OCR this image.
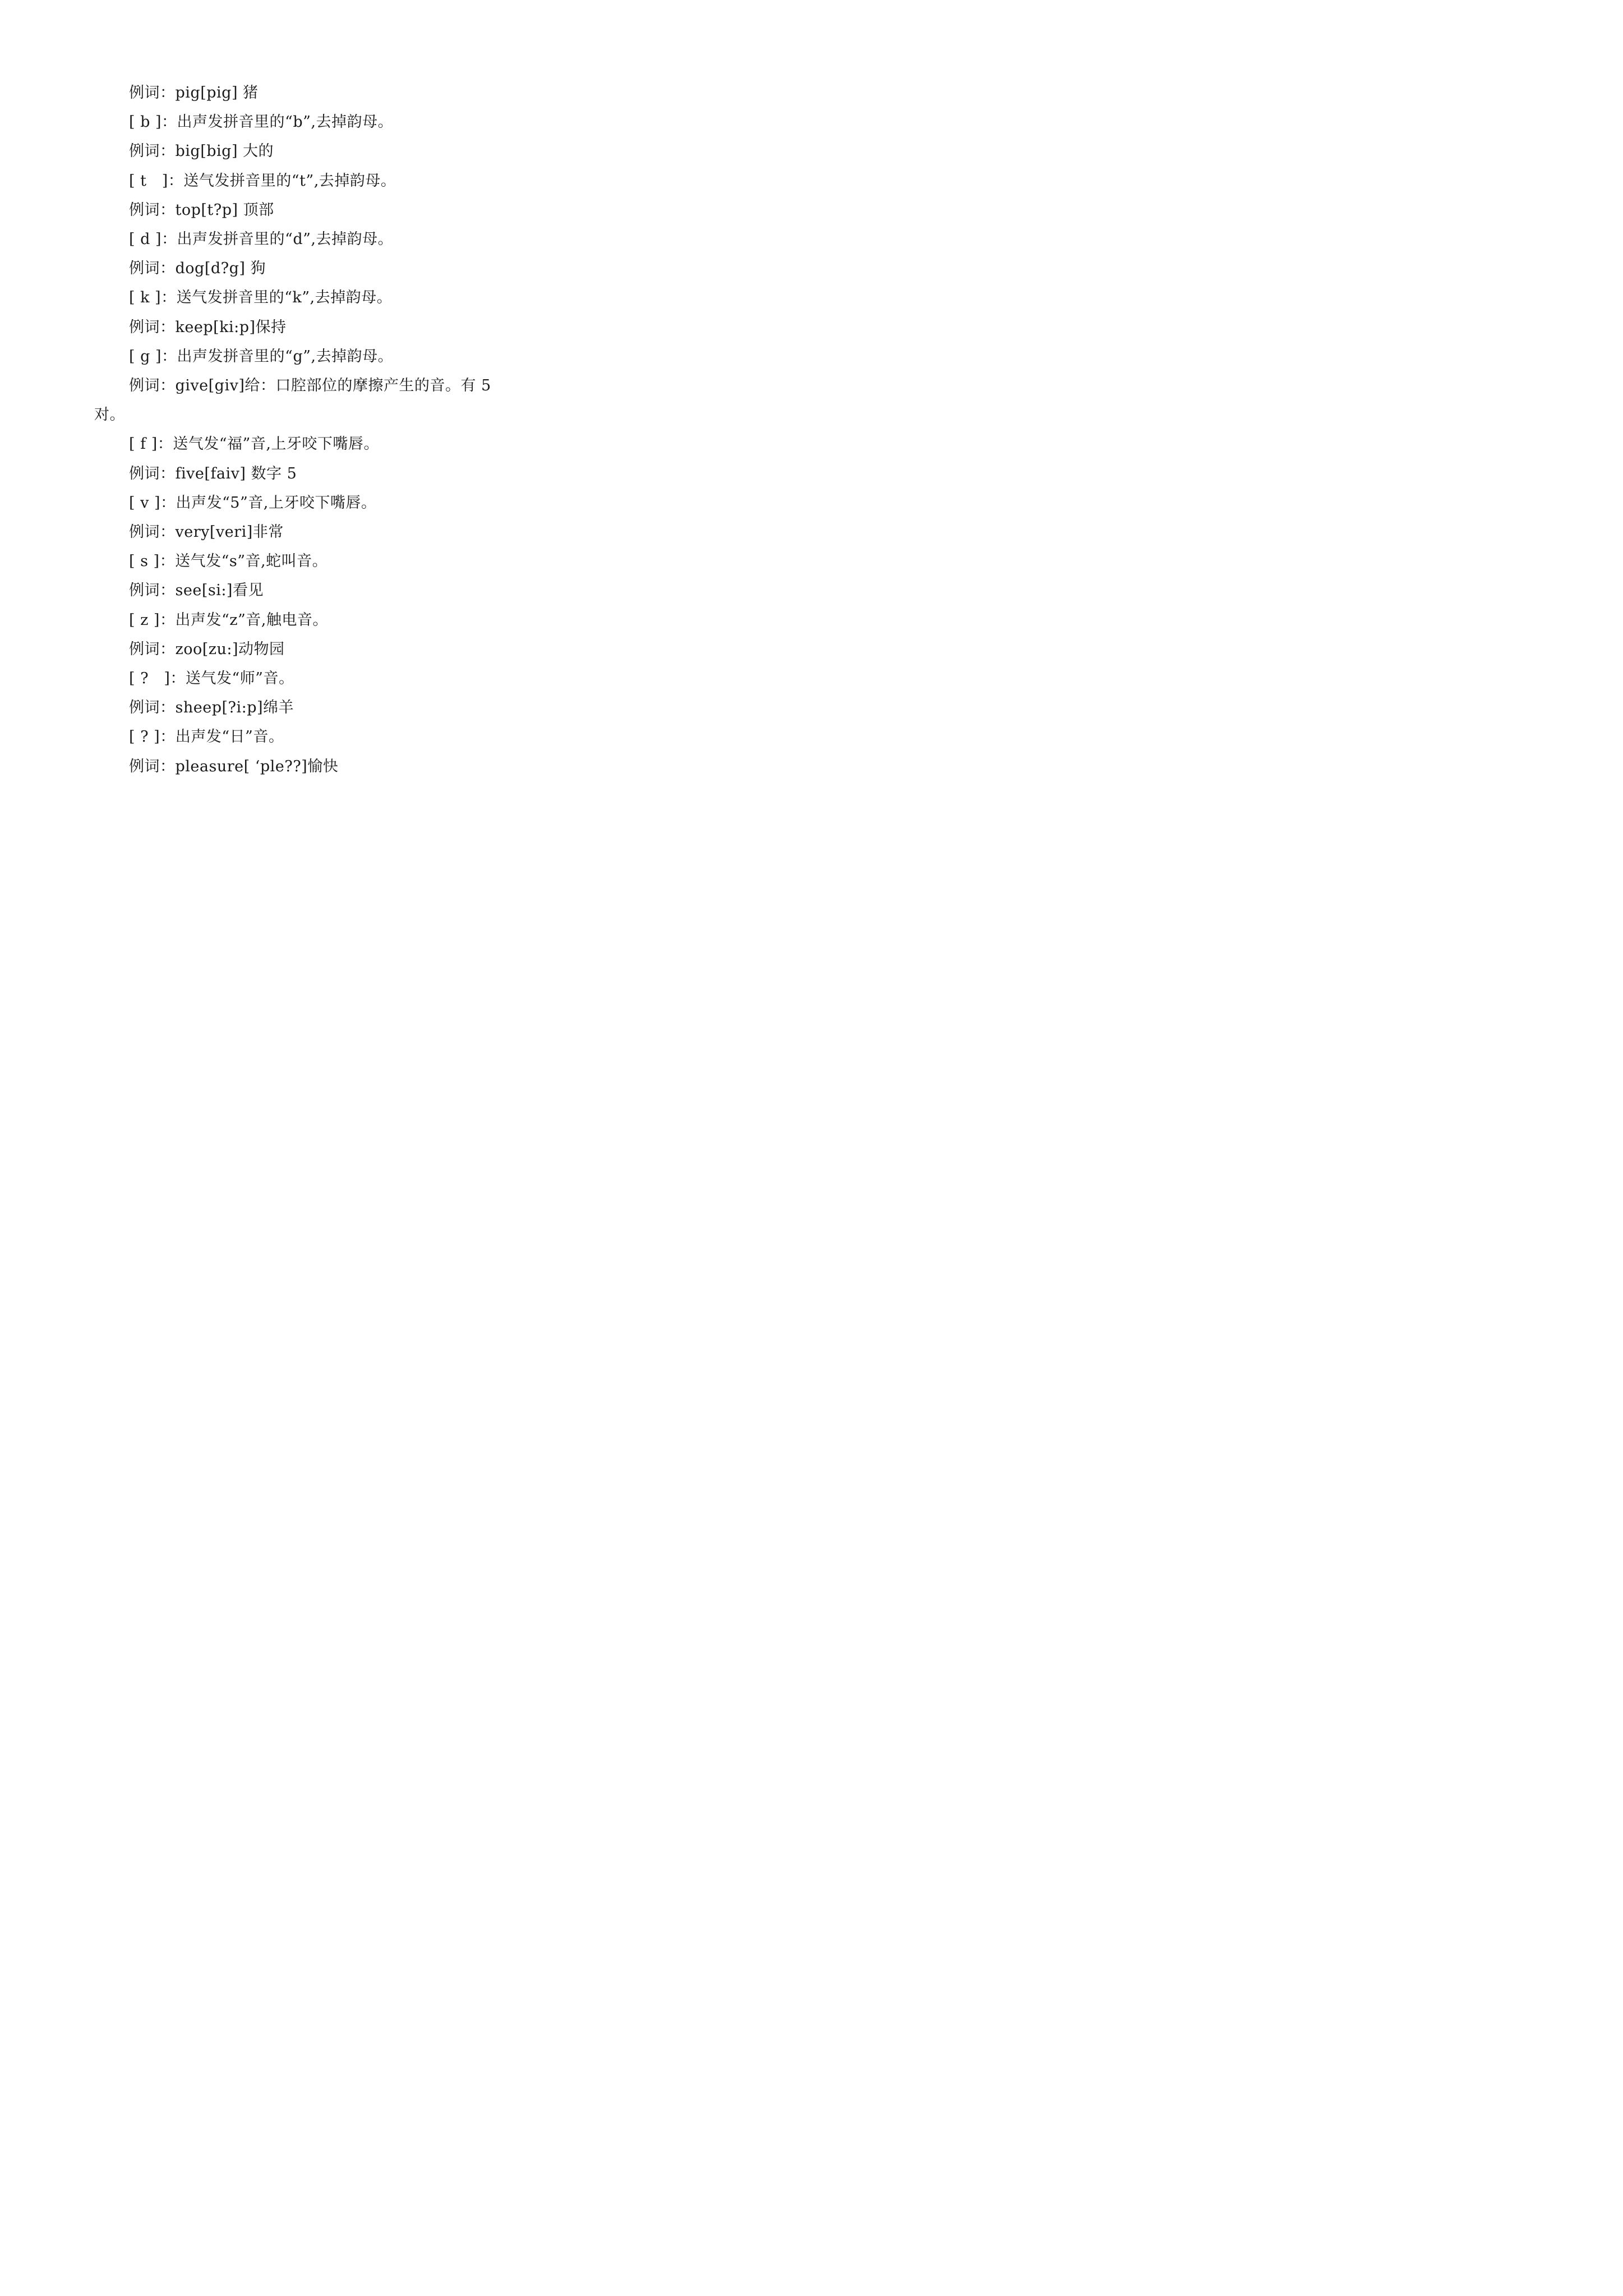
例词：pig[pig] 猪
[ b ]：出声发拼音里的“b”,去掉韵母。
例词：big[big] 大的
[ t   ]：送气发拼音里的“t”,去掉韵母。
例词：top[t?p] 顶部
[ d ]：出声发拼音里的“d”,去掉韵母。
例词：dog[d?g] 狗
[ k ]：送气发拼音里的“k”,去掉韵母。
例词：keep[ki:p]保持
[ g ]：出声发拼音里的“g”,去掉韵母。
例词：give[giv]给：口腔部位的摩擦产生的音。有 5
对。
[ f ]：送气发“福”音,上牙咬下嘴唇。
例词：five[faiv] 数字 5
[ v ]：出声发“5”音,上牙咬下嘴唇。
例词：very[veri]非常
[ s ]：送气发“s”音,蛇叫音。
例词：see[si:]看见
[ z ]：出声发“z”音,触电音。
例词：zoo[zu:]动物园
[ ?   ]：送气发“师”音。
例词：sheep[?i:p]绵羊
[ ? ]：出声发“日”音。
例词：pleasure[ ‘ple??]愉快
